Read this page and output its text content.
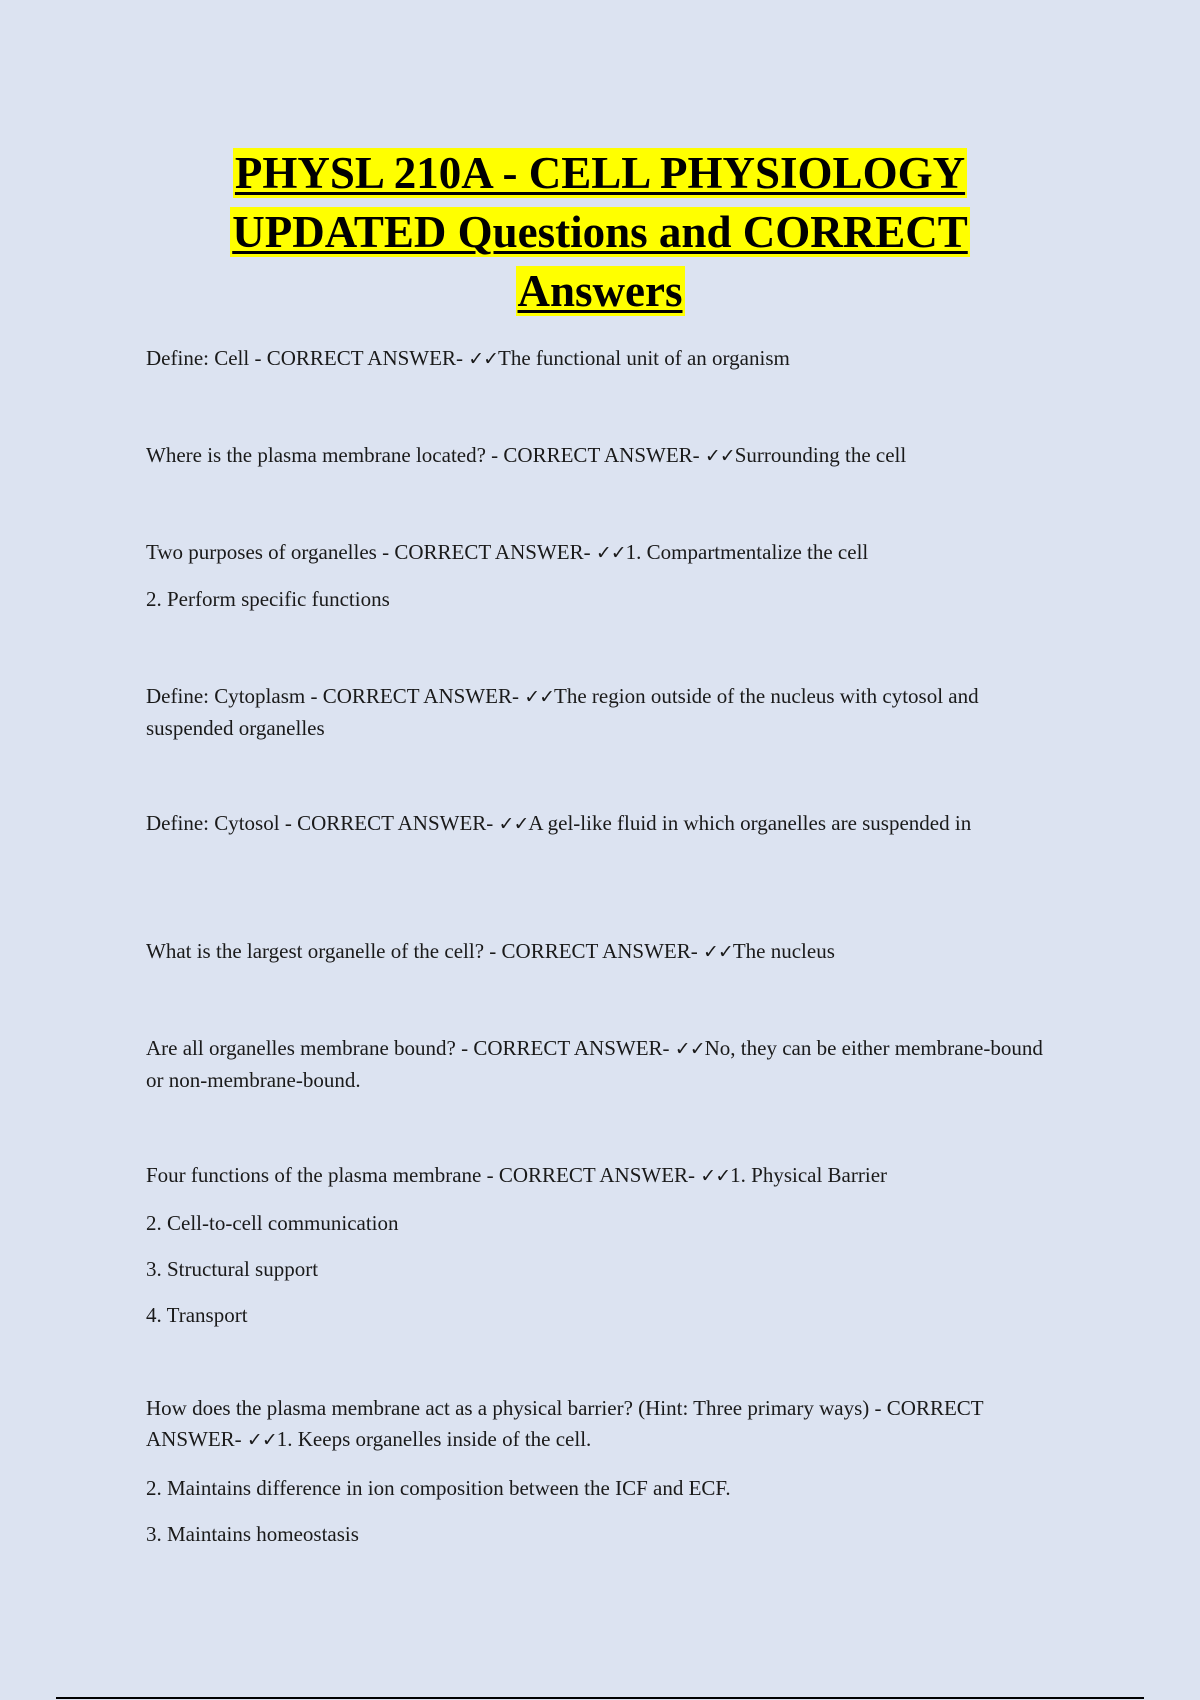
PHYSL 210A - CELL PHYSIOLOGY
UPDATED Questions and CORRECT
Answers

Define: Cell - CORRECT ANSWER- ✓✓The functional unit of an organism

Where is the plasma membrane located? - CORRECT ANSWER- ✓✓Surrounding the cell

Two purposes of organelles - CORRECT ANSWER- ✓✓1. Compartmentalize the cell

2. Perform specific functions

Define: Cytoplasm - CORRECT ANSWER- ✓✓The region outside of the nucleus with cytosol and suspended organelles

Define: Cytosol - CORRECT ANSWER- ✓✓A gel-like fluid in which organelles are suspended in

What is the largest organelle of the cell? - CORRECT ANSWER- ✓✓The nucleus

Are all organelles membrane bound? - CORRECT ANSWER- ✓✓No, they can be either membrane-bound or non-membrane-bound.

Four functions of the plasma membrane - CORRECT ANSWER- ✓✓1. Physical Barrier

2. Cell-to-cell communication

3. Structural support

4. Transport

How does the plasma membrane act as a physical barrier? (Hint: Three primary ways) - CORRECT ANSWER- ✓✓1. Keeps organelles inside of the cell.

2. Maintains difference in ion composition between the ICF and ECF.

3. Maintains homeostasis
